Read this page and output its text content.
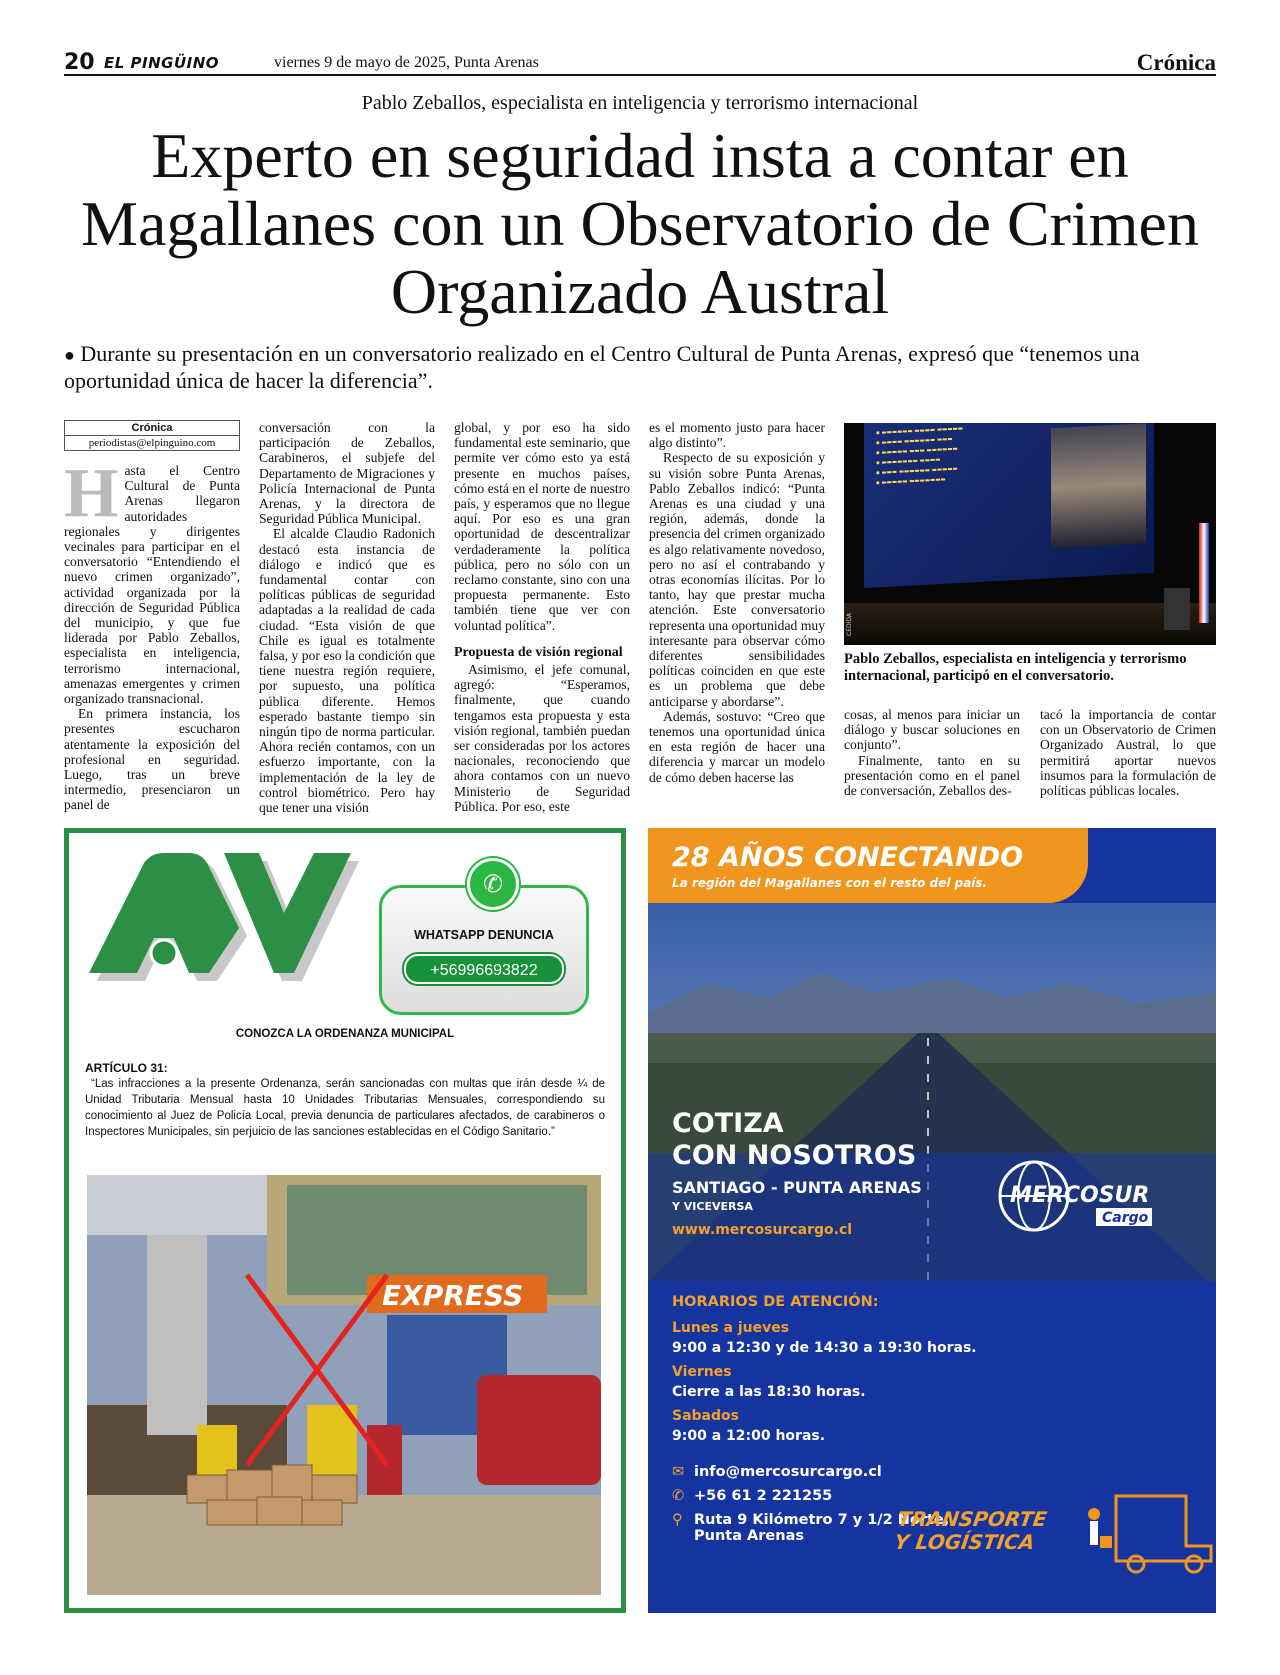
20 EL PINGÜINO	viernes 9 de mayo de 2025, Punta Arenas	Crónica
Pablo Zeballos, especialista en inteligencia y terrorismo internacional
Experto en seguridad insta a contar en Magallanes con un Observatorio de Crimen Organizado Austral
● Durante su presentación en un conversatorio realizado en el Centro Cultural de Punta Arenas, expresó que “tenemos una oportunidad única de hacer la diferencia”.
Crónica
periodistas@elpinguino.com

Hasta el Centro Cultural de Punta Arenas llegaron autoridades regionales y dirigentes vecinales para participar en el conversatorio “Entendiendo el nuevo crimen organizado”, actividad organizada por la dirección de Seguridad Pública del municipio, y que fue liderada por Pablo Zeballos, especialista en inteligencia, terrorismo internacional, amenazas emergentes y crimen organizado transnacional.

En primera instancia, los presentes escucharon atentamente la exposición del profesional en seguridad. Luego, tras un breve intermedio, presenciaron un panel de

conversación con la participación de Zeballos, Carabineros, el subjefe del Departamento de Migraciones y Policía Internacional de Punta Arenas, y la directora de Seguridad Pública Municipal.

El alcalde Claudio Radonich destacó esta instancia de diálogo e indicó que es fundamental contar con políticas públicas de seguridad adaptadas a la realidad de cada ciudad. “Esta visión de que Chile es igual es totalmente falsa, y por eso la condición que tiene nuestra región requiere, por supuesto, una política pública diferente. Hemos esperado bastante tiempo sin ningún tipo de norma particular. Ahora recién contamos, con un esfuerzo importante, con la implementación de la ley de control biométrico. Pero hay que tener una visión

global, y por eso ha sido fundamental este seminario, que permite ver cómo esto ya está presente en muchos países, cómo está en el norte de nuestro país, y esperamos que no llegue aquí. Por eso es una gran oportunidad de descentralizar verdaderamente la política pública, pero no sólo con un reclamo constante, sino con una propuesta permanente. Esto también tiene que ver con voluntad política”.

Propuesta de visión regional

Asimismo, el jefe comunal, agregó: “Esperamos, finalmente, que cuando tengamos esta propuesta y esta visión regional, también puedan ser consideradas por los actores nacionales, reconociendo que ahora contamos con un nuevo Ministerio de Seguridad Pública. Por eso, este

es el momento justo para hacer algo distinto”.

Respecto de su exposición y su visión sobre Punta Arenas, Pablo Zeballos indicó: “Punta Arenas es una ciudad y una región, además, donde la presencia del crimen organizado es algo relativamente novedoso, pero no así el contrabando y otras economías ilícitas. Por lo tanto, hay que prestar mucha atención. Este conversatorio representa una oportunidad muy interesante para observar cómo diferentes sensibilidades políticas coinciden en que este es un problema que debe anticiparse y abordarse”.

Además, sostuvo: “Creo que tenemos una oportunidad única en esta región de hacer una diferencia y marcar un modelo de cómo deben hacerse las

▪ ▬▬▬▬▬▬ ▬▬▬▬ ▬▬▬▬▬
▪ ▬▬▬▬ ▬▬▬▬▬▬ ▬▬▬
▪ ▬▬▬▬▬ ▬▬▬ ▬▬▬▬▬▬
▪ ▬▬▬▬▬▬▬ ▬▬▬▬
▪ ▬▬▬ ▬▬▬▬▬▬ ▬▬▬▬▬
▪ ▬▬▬▬▬ ▬▬▬▬▬▬▬
CEDIDA
Pablo Zeballos, especialista en inteligencia y terrorismo internacional, participó en el conversatorio.

cosas, al menos para iniciar un diálogo y buscar soluciones en conjunto”.

Finalmente, tanto en su presentación como en el panel de conversación, Zeballos des-

tacó la importancia de contar con un Observatorio de Crimen Organizado Austral, lo que permitirá aportar nuevos insumos para la formulación de políticas públicas locales.

✆
WHATSAPP DENUNCIA
+56996693822
CONOZCA LA ORDENANZA MUNICIPAL
ARTÍCULO 31:
“Las infracciones a la presente Ordenanza, serán sancionadas con multas que irán desde ¼ de Unidad Tributaria Mensual hasta 10 Unidades Tributarias Mensuales, correspondiendo su conocimiento al Juez de Policía Local, previa denuncia de particulares afectados, de carabineros o Inspectores Municipales, sin perjuicio de las sanciones establecidas en el Código Sanitario.”
EXPRESS
28 AÑOS CONECTANDO
La región del Magallanes con el resto del país.
COTIZA
CON NOSOTROS
SANTIAGO - PUNTA ARENAS
Y VICEVERSA
www.mercosurcargo.cl
MERCOSUR
Cargo
HORARIOS DE ATENCIÓN:
Lunes a jueves
9:00 a 12:30 y de 14:30 a 19:30 horas.
Viernes
Cierre a las 18:30 horas.
Sabados
9:00 a 12:00 horas.
✉ info@mercosurcargo.cl
✆ +56 61 2 221255
⚲ Ruta 9 Kilómetro 7 y 1/2 Norte,
Punta Arenas
TRANSPORTE
Y LOGÍSTICA
